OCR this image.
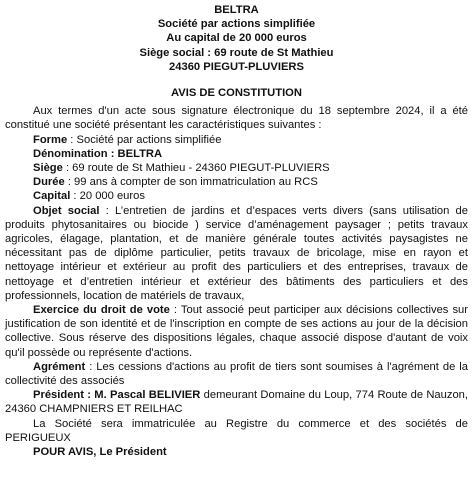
BELTRA
Société par actions simplifiée
Au capital de 20 000 euros
Siège social : 69 route de St Mathieu
24360 PIEGUT-PLUVIERS
AVIS DE CONSTITUTION

Aux termes d'un acte sous signature électronique du 18 septembre 2024, il a été constitué une société présentant les caractéristiques suivantes :

Forme : Société par actions simplifiée

Dénomination : BELTRA

Siège : 69 route de St Mathieu - 24360 PIEGUT-PLUVIERS

Durée : 99 ans à compter de son immatriculation au RCS

Capital : 20 000 euros

Objet social : L’entretien de jardins et d’espaces verts divers (sans utilisation de produits phytosanitaires ou biocide ) service d’aménagement paysager ; petits travaux agricoles, élagage, plantation, et de manière générale toutes activités paysagistes ne nécessitant pas de diplôme particulier, petits travaux de bricolage, mise en rayon et nettoyage intérieur et extérieur au profit des particuliers et des entreprises, travaux de nettoyage et d’entretien intérieur et extérieur des bâtiments des particuliers et des professionnels, location de matériels de travaux,

Exercice du droit de vote : Tout associé peut participer aux décisions collectives sur justification de son identité et de l'inscription en compte de ses actions au jour de la décision collective. Sous réserve des dispositions légales, chaque associé dispose d'autant de voix qu'il possède ou représente d'actions.

Agrément : Les cessions d'actions au profit de tiers sont soumises à l'agrément de la collectivité des associés

Président : M. Pascal BELIVIER demeurant Domaine du Loup, 774 Route de Nauzon, 24360 CHAMPNIERS ET REILHAC

La Société sera immatriculée au Registre du commerce et des sociétés de PERIGUEUX

POUR AVIS, Le Président
